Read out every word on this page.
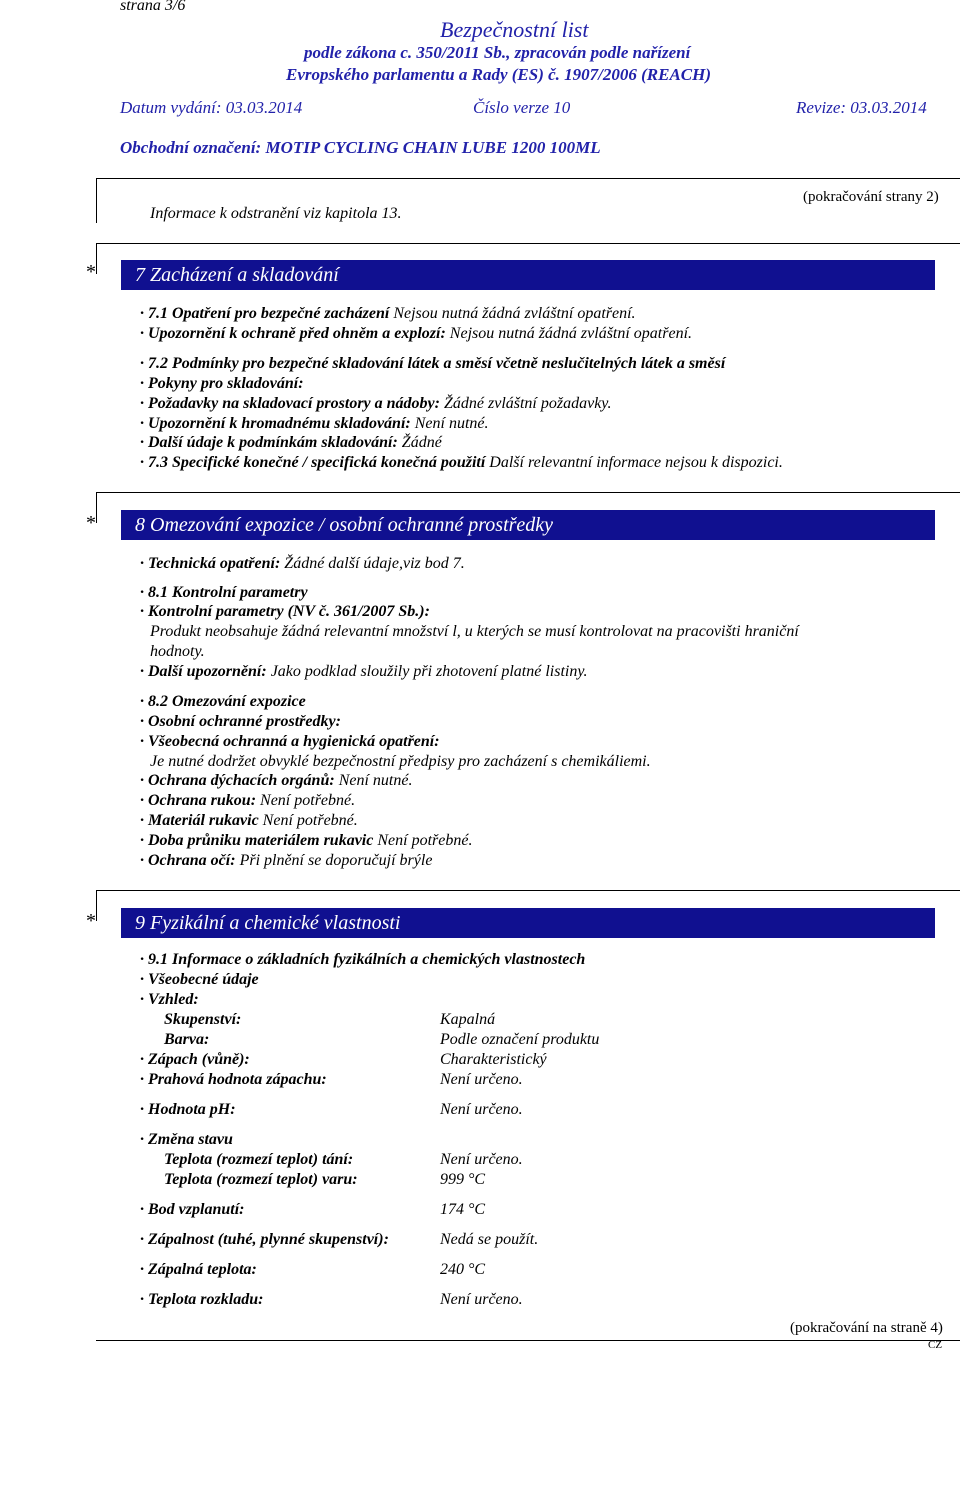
strana 3/6
Bezpečnostní list
podle zákona c. 350/2011 Sb., zpracován podle nařízení
Evropského parlamentu a Rady (ES) č. 1907/2006 (REACH)
Datum vydání: 03.03.2014	Číslo verze 10	Revize: 03.03.2014
Obchodní označení: MOTIP CYCLING CHAIN LUBE 1200 100ML
(pokračování strany 2)
Informace k odstranění viz kapitola 13.
*	7 Zacházení a skladování
· 7.1 Opatření pro bezpečné zacházení Nejsou nutná žádná zvláštní opatření.
· Upozornění k ochraně před ohněm a explozí: Nejsou nutná žádná zvláštní opatření.
· 7.2 Podmínky pro bezpečné skladování látek a směsí včetně neslučitelných látek a směsí
· Pokyny pro skladování:
· Požadavky na skladovací prostory a nádoby: Žádné zvláštní požadavky.
· Upozornění k hromadnému skladování: Není nutné.
· Další údaje k podmínkám skladování: Žádné
· 7.3 Specifické konečné / specifická konečná použití Další relevantní informace nejsou k dispozici.
*	8 Omezování expozice / osobní ochranné prostředky
· Technická opatření: Žádné další údaje,viz bod 7.
· 8.1 Kontrolní parametry
· Kontrolní parametry (NV č. 361/2007 Sb.):
Produkt neobsahuje žádná relevantní množství l, u kterých se musí kontrolovat na pracovišti hraniční
hodnoty.
· Další upozornění: Jako podklad sloužily při zhotovení platné listiny.
· 8.2 Omezování expozice
· Osobní ochranné prostředky:
· Všeobecná ochranná a hygienická opatření:
Je nutné dodržet obvyklé bezpečnostní předpisy pro zacházení s chemikáliemi.
· Ochrana dýchacích orgánů: Není nutné.
· Ochrana rukou: Není potřebné.
· Materiál rukavic Není potřebné.
· Doba průniku materiálem rukavic Není potřebné.
· Ochrana očí: Při plnění se doporučují brýle
*	9 Fyzikální a chemické vlastnosti
· 9.1 Informace o základních fyzikálních a chemických vlastnostech
· Všeobecné údaje
· Vzhled:
Skupenství:	Kapalná
Barva:	Podle označení produktu
· Zápach (vůně):	Charakteristický
· Prahová hodnota zápachu:	Není určeno.
· Hodnota pH:	Není určeno.
· Změna stavu
Teplota (rozmezí teplot) tání:	Není určeno.
Teplota (rozmezí teplot) varu:	999 °C
· Bod vzplanutí:	174 °C
· Zápalnost (tuhé, plynné skupenství):	Nedá se použít.
· Zápalná teplota:	240 °C
· Teplota rozkladu:	Není určeno.
(pokračování na straně 4)
cz
